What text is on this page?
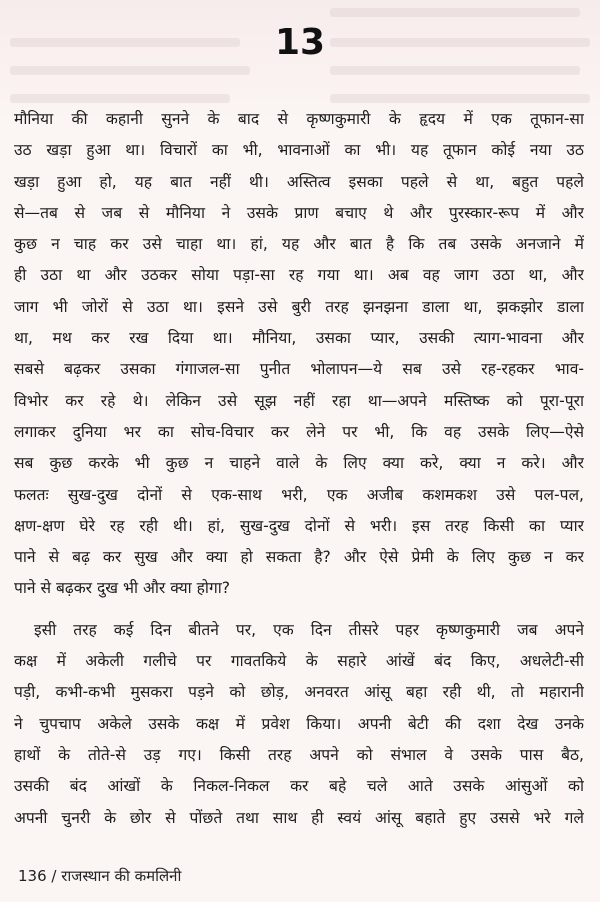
13
मौनिया की कहानी सुनने के बाद से कृष्णकुमारी के हृदय में एक तूफान-सा
उठ खड़ा हुआ था। विचारों का भी, भावनाओं का भी। यह तूफान कोई नया उठ
खड़ा हुआ हो, यह बात नहीं थी। अस्तित्व इसका पहले से था, बहुत पहले
से—तब से जब से मौनिया ने उसके प्राण बचाए थे और पुरस्कार-रूप में और
कुछ न चाह कर उसे चाहा था। हां, यह और बात है कि तब उसके अनजाने में
ही उठा था और उठकर सोया पड़ा-सा रह गया था। अब वह जाग उठा था, और
जाग भी जोरों से उठा था। इसने उसे बुरी तरह झनझना डाला था, झकझोर डाला
था, मथ कर रख दिया था। मौनिया, उसका प्यार, उसकी त्याग-भावना और
सबसे बढ़कर उसका गंगाजल-सा पुनीत भोलापन—ये सब उसे रह-रहकर भाव-
विभोर कर रहे थे। लेकिन उसे सूझ नहीं रहा था—अपने मस्तिष्क को पूरा-पूरा
लगाकर दुनिया भर का सोच-विचार कर लेने पर भी, कि वह उसके लिए—ऐसे
सब कुछ करके भी कुछ न चाहने वाले के लिए क्या करे, क्या न करे। और
फलतः सुख-दुख दोनों से एक-साथ भरी, एक अजीब कशमकश उसे पल-पल,
क्षण-क्षण घेरे रह रही थी। हां, सुख-दुख दोनों से भरी। इस तरह किसी का प्यार
पाने से बढ़ कर सुख और क्या हो सकता है? और ऐसे प्रेमी के लिए कुछ न कर
पाने से बढ़कर दुख भी और क्या होगा?
इसी तरह कई दिन बीतने पर, एक दिन तीसरे पहर कृष्णकुमारी जब अपने
कक्ष में अकेली गलीचे पर गावतकिये के सहारे आंखें बंद किए, अधलेटी-सी
पड़ी, कभी-कभी मुसकरा पड़ने को छोड़, अनवरत आंसू बहा रही थी, तो महारानी
ने चुपचाप अकेले उसके कक्ष में प्रवेश किया। अपनी बेटी की दशा देख उनके
हाथों के तोते-से उड़ गए। किसी तरह अपने को संभाल वे उसके पास बैठ,
उसकी बंद आंखों के निकल-निकल कर बहे चले आते उसके आंसुओं को
अपनी चुनरी के छोर से पोंछते तथा साथ ही स्वयं आंसू बहाते हुए उससे भरे गले
136 / राजस्थान की कमलिनी
